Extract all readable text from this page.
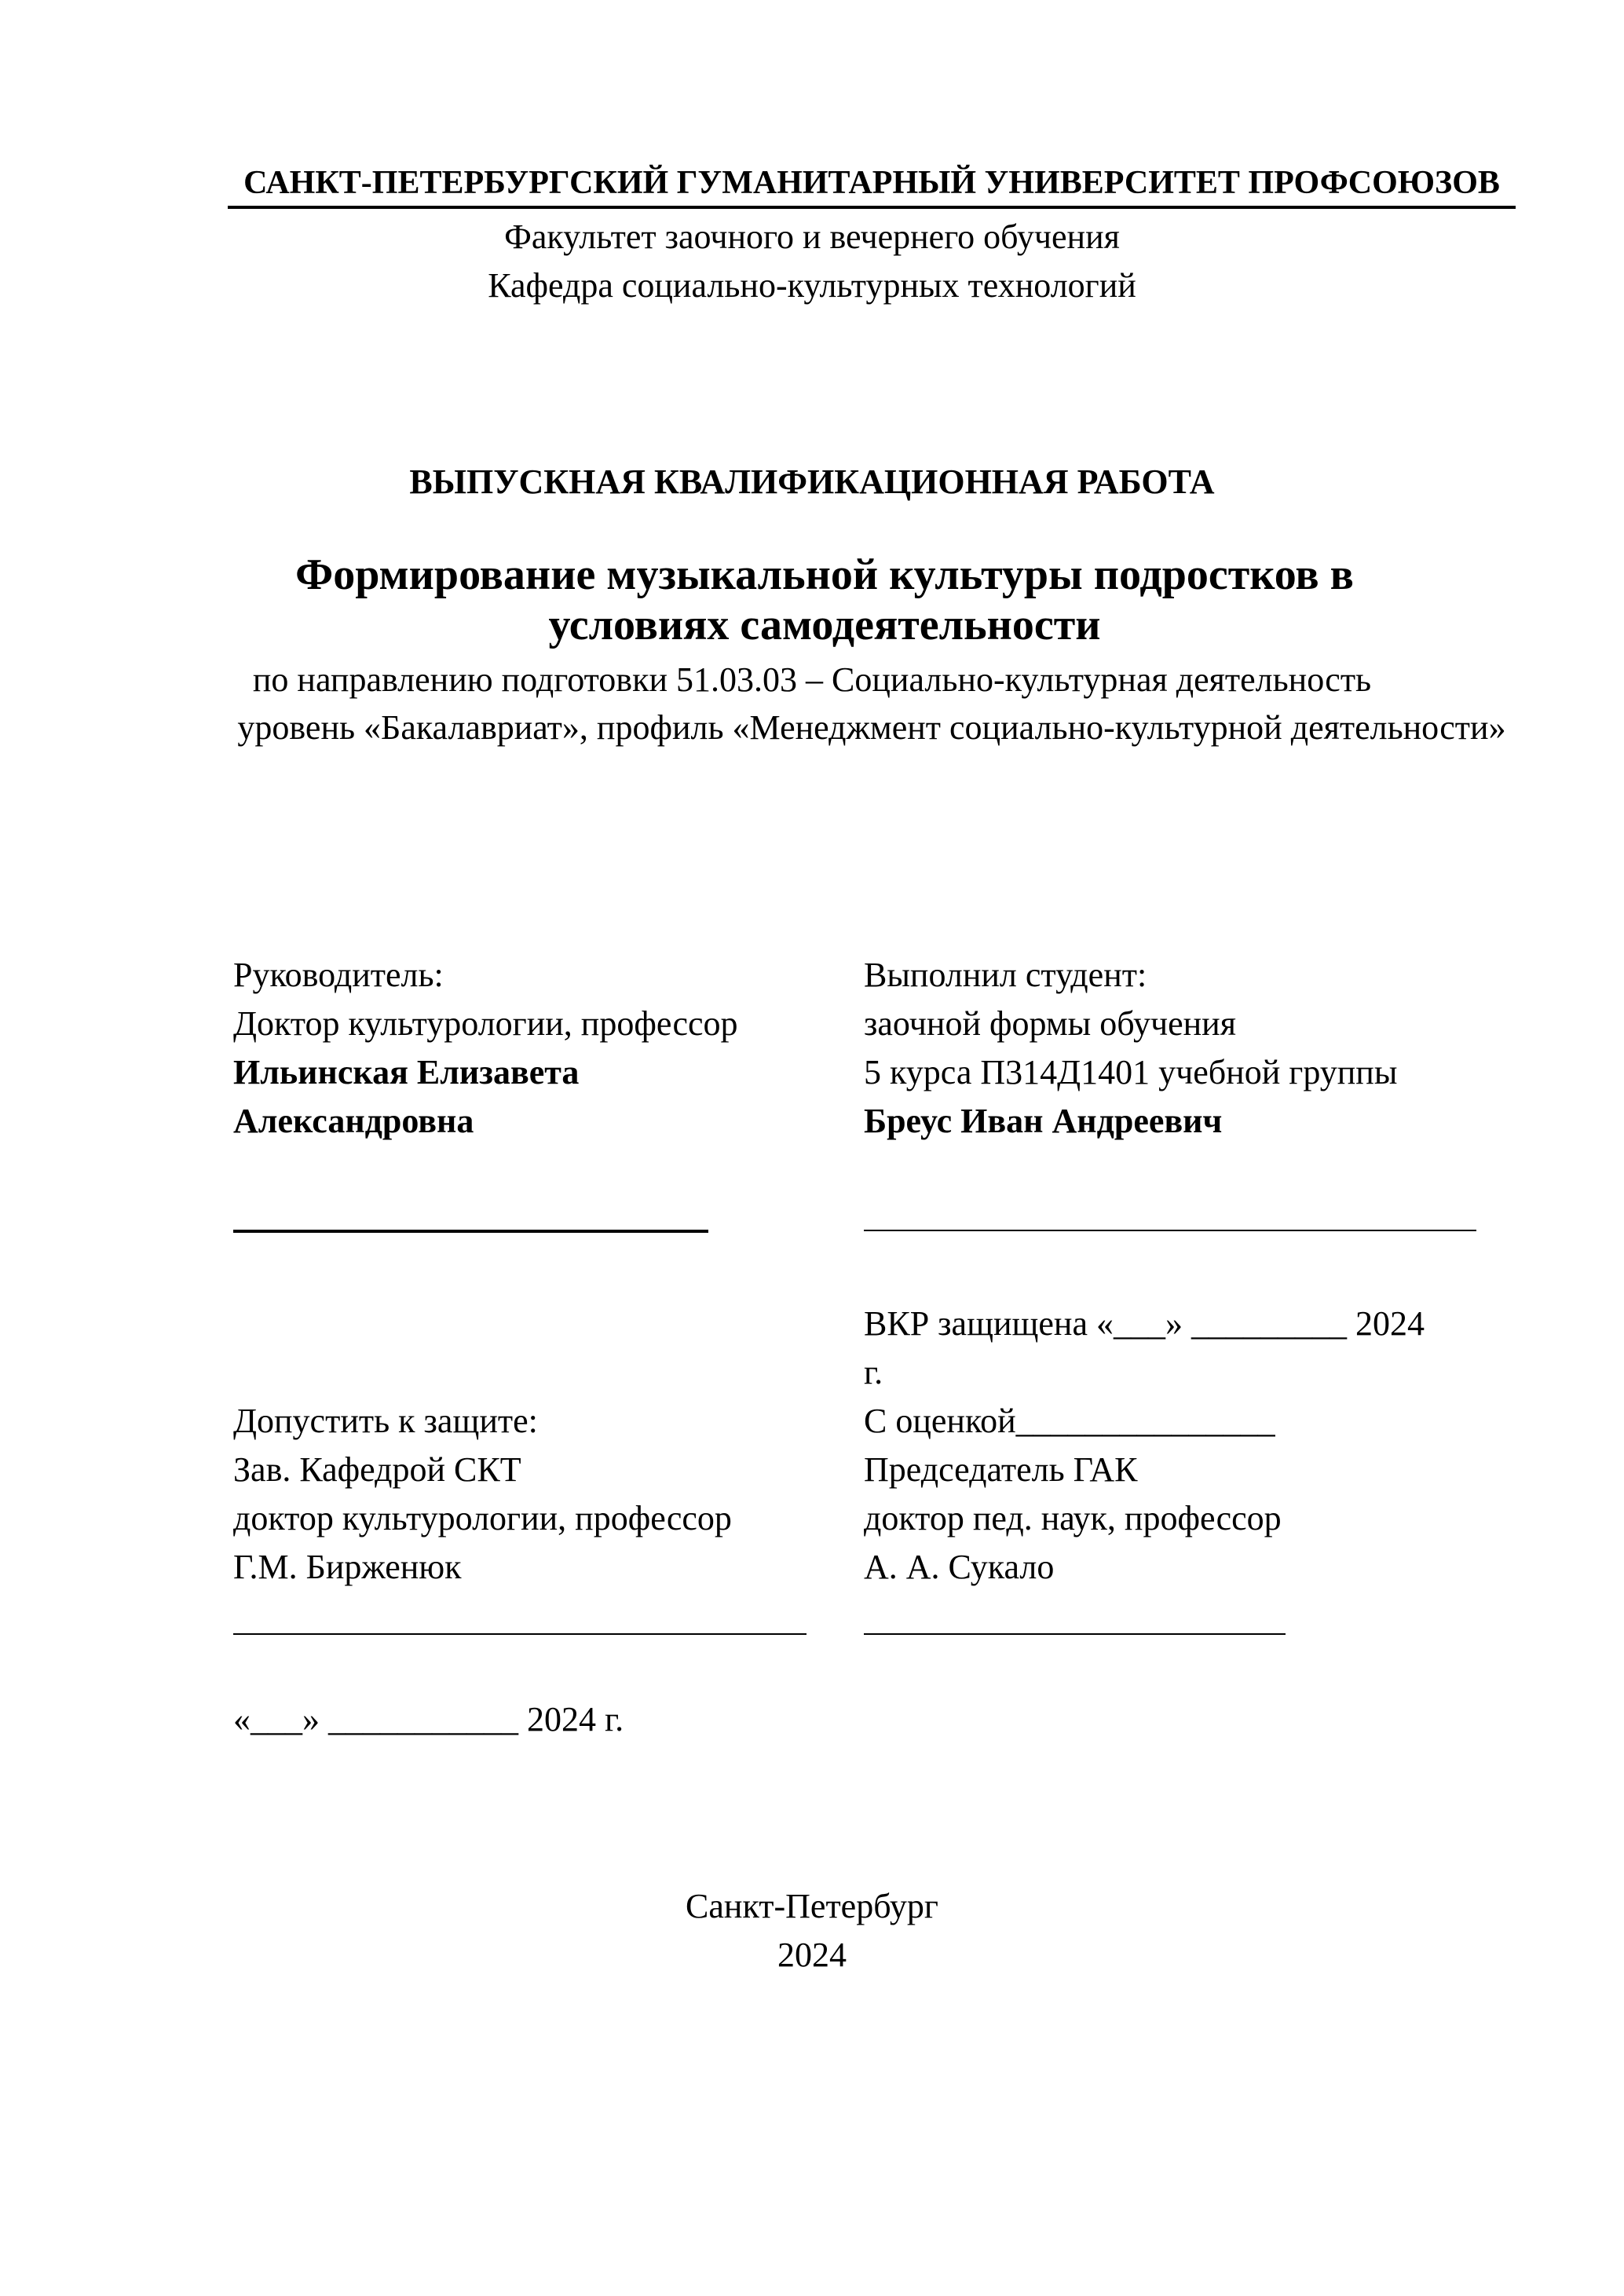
САНКТ-ПЕТЕРБУРГСКИЙ ГУМАНИТАРНЫЙ УНИВЕРСИТЕТ ПРОФСОЮЗОВ
Факультет заочного и вечернего обучения
Кафедра социально-культурных технологий
ВЫПУСКНАЯ КВАЛИФИКАЦИОННАЯ РАБОТА
Формирование музыкальной культуры подростков в условиях самодеятельности
по направлению подготовки 51.03.03 – Социально-культурная деятельность
уровень «Бакалавриат», профиль «Менеджмент социально-культурной деятельности»
Руководитель:
Доктор культурологии, профессор
Ильинская Елизавета
Александровна
Выполнил студент:
заочной формы обучения
5 курса П314Д1401 учебной группы
Бреус Иван Андреевич
ВКР защищена «___» _________ 2024
г.
С оценкой_______________
Председатель ГАК
доктор пед. наук, профессор
А. А. Сукало
Допустить к защите:
Зав. Кафедрой СКТ
доктор культурологии, профессор
Г.М. Бирженюк
«___» ___________ 2024 г.
Санкт-Петербург
2024
